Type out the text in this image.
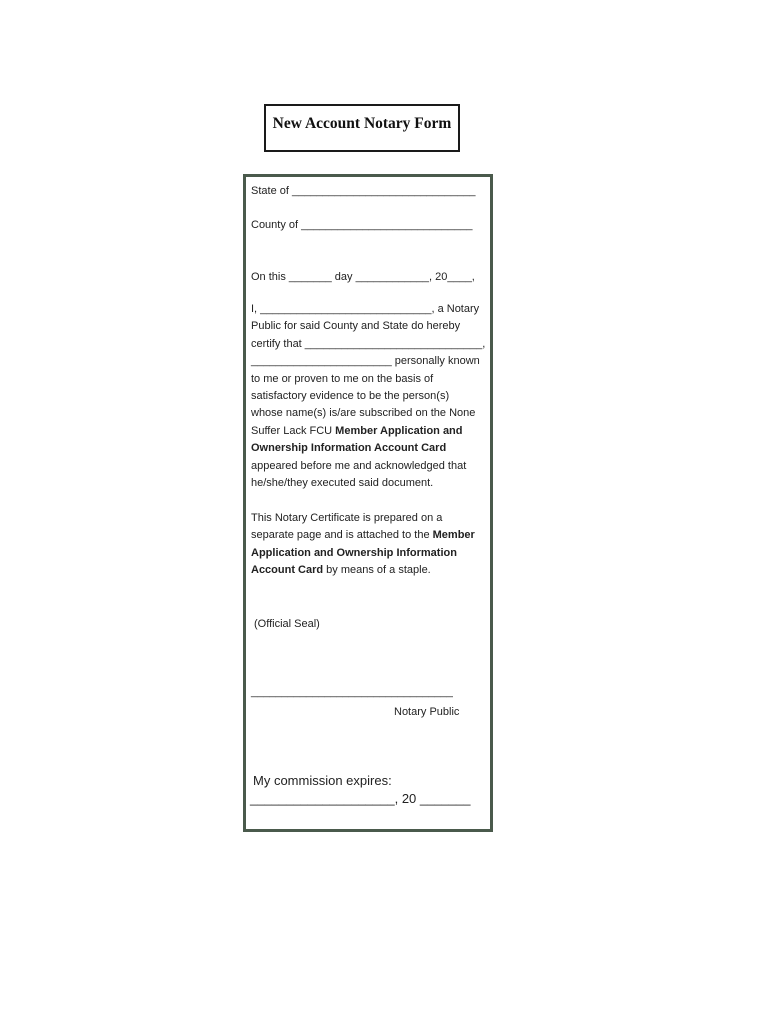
New Account Notary Form
State of ______________________________
County of ____________________________
On this _______ day ____________, 20____,
I, ____________________________, a Notary
Public for said County and State do hereby
certify that _____________________________,
_______________________ personally known
to me or proven to me on the basis of
satisfactory evidence to be the person(s)
whose name(s) is/are subscribed on the None
Suffer Lack FCU Member Application and
Ownership Information Account Card
appeared before me and acknowledged that
he/she/they executed said document.
This Notary Certificate is prepared on a
separate page and is attached to the Member
Application and Ownership Information
Account Card by means of a staple.
(Official Seal)
_________________________________
Notary Public
My commission expires:
____________________, 20 _______
